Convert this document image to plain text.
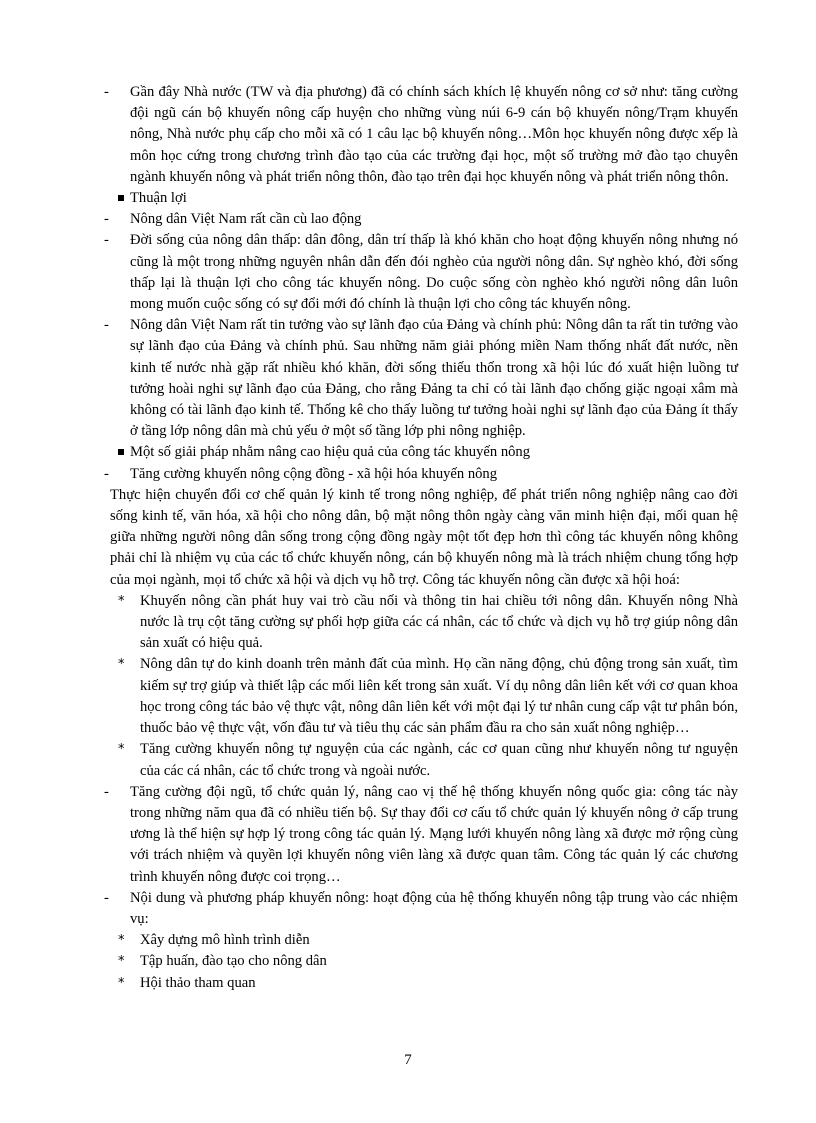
-	Gần đây Nhà nước (TW và địa phương) đã có chính sách khích lệ khuyến nông cơ sở như: tăng cường đội ngũ cán bộ khuyến nông cấp huyện cho những vùng núi 6-9 cán bộ khuyến nông/Trạm khuyến nông, Nhà nước phụ cấp cho mỗi xã có 1 câu lạc bộ khuyến nông…Môn học khuyến nông được xếp là môn học cứng trong chương trình đào tạo của các trường đại học, một số trường mở đào tạo chuyên ngành khuyến nông và phát triển nông thôn, đào tạo trên đại học khuyến nông và phát triển nông thôn.
Thuận lợi
-	Nông dân Việt Nam rất cần cù lao động
-	Đời sống của nông dân thấp: dân đông, dân trí thấp là khó khăn cho hoạt động khuyến nông nhưng nó cũng là một trong những nguyên nhân dẫn đến đói nghèo của người nông dân. Sự nghèo khó, đời sống thấp lại là thuận lợi cho công tác khuyến nông. Do cuộc sống còn nghèo khó người nông dân luôn mong muốn cuộc sống có sự đổi mới đó chính là thuận lợi cho công tác khuyến nông.
-	Nông dân Việt Nam rất tin tưởng vào sự lãnh đạo của Đảng và chính phủ: Nông dân ta rất tin tưởng vào sự lãnh đạo của Đảng và chính phủ. Sau những năm giải phóng miền Nam thống nhất đất nước, nền kinh tế nước nhà gặp rất nhiều khó khăn, đời sống thiếu thốn trong xã hội lúc đó xuất hiện luồng tư tưởng hoài nghi sự lãnh đạo của Đảng, cho rằng Đảng ta chỉ có tài lãnh đạo chống giặc ngoại xâm mà không có tài lãnh đạo kinh tế. Thống kê cho thấy luồng tư tưởng hoài nghi sự lãnh đạo của Đảng ít thấy ở tầng lớp nông dân mà chủ yếu ở một số tầng lớp phi nông nghiệp.
Một số giải pháp nhằm nâng cao hiệu quả của công tác khuyến nông
-	Tăng cường khuyến nông cộng đồng - xã hội hóa khuyến nông
Thực hiện chuyển đổi cơ chế quản lý kinh tế trong nông nghiệp, để phát triển nông nghiệp nâng cao đời sống kinh tế, văn hóa, xã hội cho nông dân, bộ mặt nông thôn ngày càng văn minh hiện đại, mối quan hệ giữa những người nông dân sống trong cộng đồng ngày một tốt đẹp hơn thì công tác khuyến nông không phải chỉ là nhiệm vụ của các tổ chức khuyến nông, cán bộ khuyến nông mà là trách nhiệm chung tổng hợp của mọi ngành, mọi tổ chức xã hội và dịch vụ hỗ trợ. Công tác khuyến nông cần được xã hội hoá:
* Khuyến nông cần phát huy vai trò cầu nối và thông tin hai chiều tới nông dân. Khuyến nông Nhà nước là trụ cột tăng cường sự phối hợp giữa các cá nhân, các tổ chức và dịch vụ hỗ trợ giúp nông dân sản xuất có hiệu quả.
* Nông dân tự do kinh doanh trên mảnh đất của mình. Họ cần năng động, chủ động trong sản xuất, tìm kiếm sự trợ giúp và thiết lập các mối liên kết trong sản xuất. Ví dụ nông dân liên kết với cơ quan khoa học trong công tác bảo vệ thực vật, nông dân liên kết với một đại lý tư nhân cung cấp vật tư phân bón, thuốc bảo vệ thực vật, vốn đầu tư và tiêu thụ các sản phẩm đầu ra cho sản xuất nông nghiệp…
* Tăng cường khuyến nông tự nguyện của các ngành, các cơ quan cũng như khuyến nông tư nguyện của các cá nhân, các tổ chức trong và ngoài nước.
-	Tăng cường đội ngũ, tổ chức quản lý, nâng cao vị thế hệ thống khuyến nông quốc gia: công tác này trong những năm qua đã có nhiều tiến bộ. Sự thay đổi cơ cấu tổ chức quản lý khuyến nông ở cấp trung ương là thể hiện sự hợp lý trong công tác quản lý. Mạng lưới khuyến nông làng xã được mở rộng cùng với trách nhiệm và quyền lợi khuyến nông viên làng xã được quan tâm. Công tác quản lý các chương trình khuyến nông được coi trọng…
-	Nội dung và phương pháp khuyến nông: hoạt động của hệ thống khuyến nông tập trung vào các nhiệm vụ:
* Xây dựng mô hình trình diễn
* Tập huấn, đào tạo cho nông dân
* Hội thảo tham quan
7
